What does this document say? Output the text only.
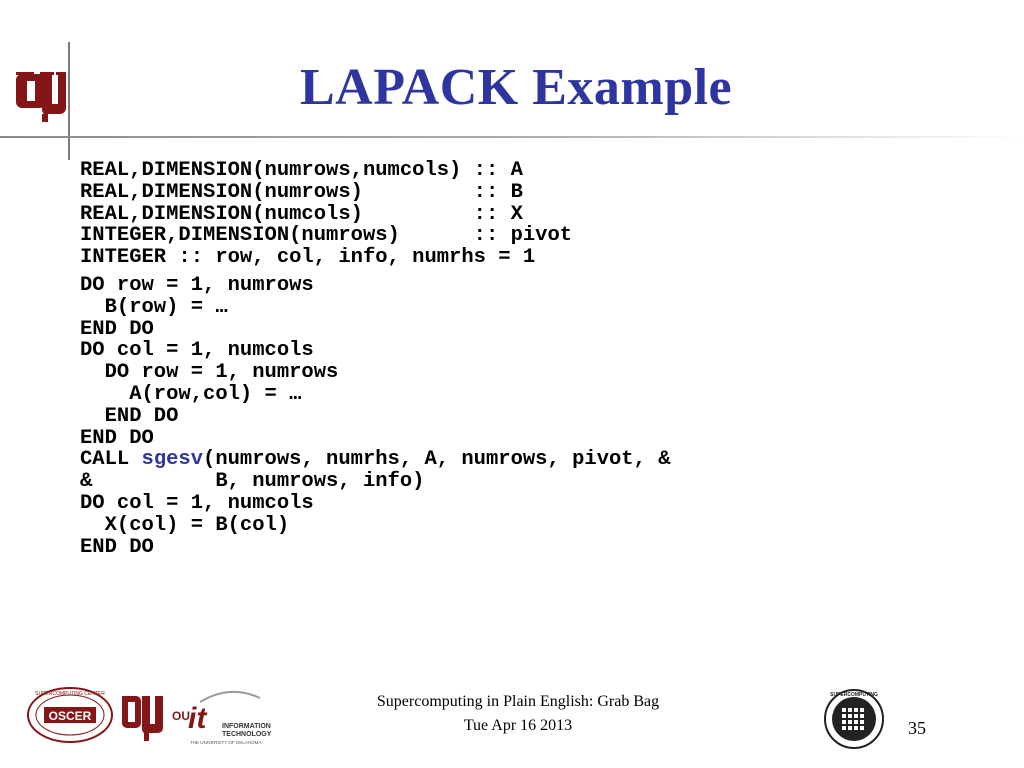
LAPACK Example
REAL,DIMENSION(numrows,numcols) :: A
REAL,DIMENSION(numrows)         :: B
REAL,DIMENSION(numcols)         :: X
INTEGER,DIMENSION(numrows)      :: pivot
INTEGER :: row, col, info, numrhs = 1
DO row = 1, numrows
B(row) = …
END DO
DO col = 1, numcols
DO row = 1, numrows
A(row,col) = …
END DO
END DO
CALL sgesv(numrows, numrhs, A, numrows, pivot, &
&          B, numrows, info)
DO col = 1, numcols
X(col) = B(col)
END DO
OSCER
SUPERCOMPUTING CENTER
OU
it INFORMATION
TECHNOLOGY
THE UNIVERSITY OF OKLAHOMA
Supercomputing in Plain English: Grab Bag
Tue Apr 16 2013
SUPERCOMPUTING
35
